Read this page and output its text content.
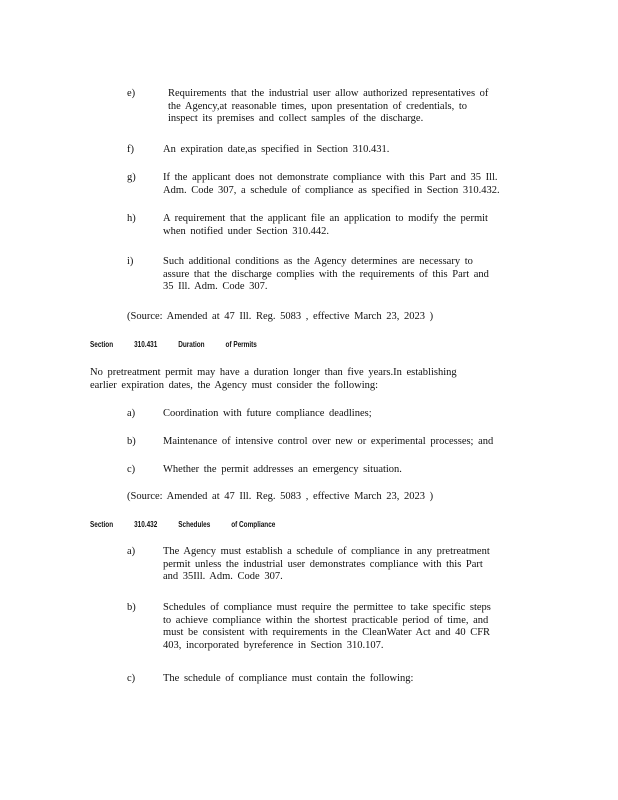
e)	Requirements that the industrial user allow authorized representatives of
the Agency,at reasonable times, upon presentation of credentials, to
inspect its premises and collect samples of the discharge.
f)	An expiration date,as specified in Section 310.431.
g)	If the applicant does not demonstrate compliance with this Part and 35 Ill.
Adm. Code 307, a schedule of compliance as specified in Section 310.432.
h)	A requirement that the applicant file an application to modify the permit
when notified under Section 310.442.
i)	Such additional conditions as the Agency determines are necessary to
assure that the discharge complies with the requirements of this Part and
35 Ill. Adm. Code 307.
(Source: Amended at 47 Ill. Reg. 5083 , effective March 23, 2023 )
Section	310.431	Duration	of Permits
No pretreatment permit may have a duration longer than five years.In establishing
earlier expiration dates, the Agency must consider the following:
a)	Coordination with future compliance deadlines;
b)	Maintenance of intensive control over new or experimental processes; and
c)	Whether the permit addresses an emergency situation.
(Source: Amended at 47 Ill. Reg. 5083 , effective March 23, 2023 )
Section	310.432	Schedules	of Compliance
a)	The Agency must establish a schedule of compliance in any pretreatment
permit unless the industrial user demonstrates compliance with this Part
and 35Ill. Adm. Code 307.
b)	Schedules of compliance must require the permittee to take specific steps
to achieve compliance within the shortest practicable period of time, and
must be consistent with requirements in the CleanWater Act and 40 CFR
403, incorporated byreference in Section 310.107.
c)	The schedule of compliance must contain the following:
